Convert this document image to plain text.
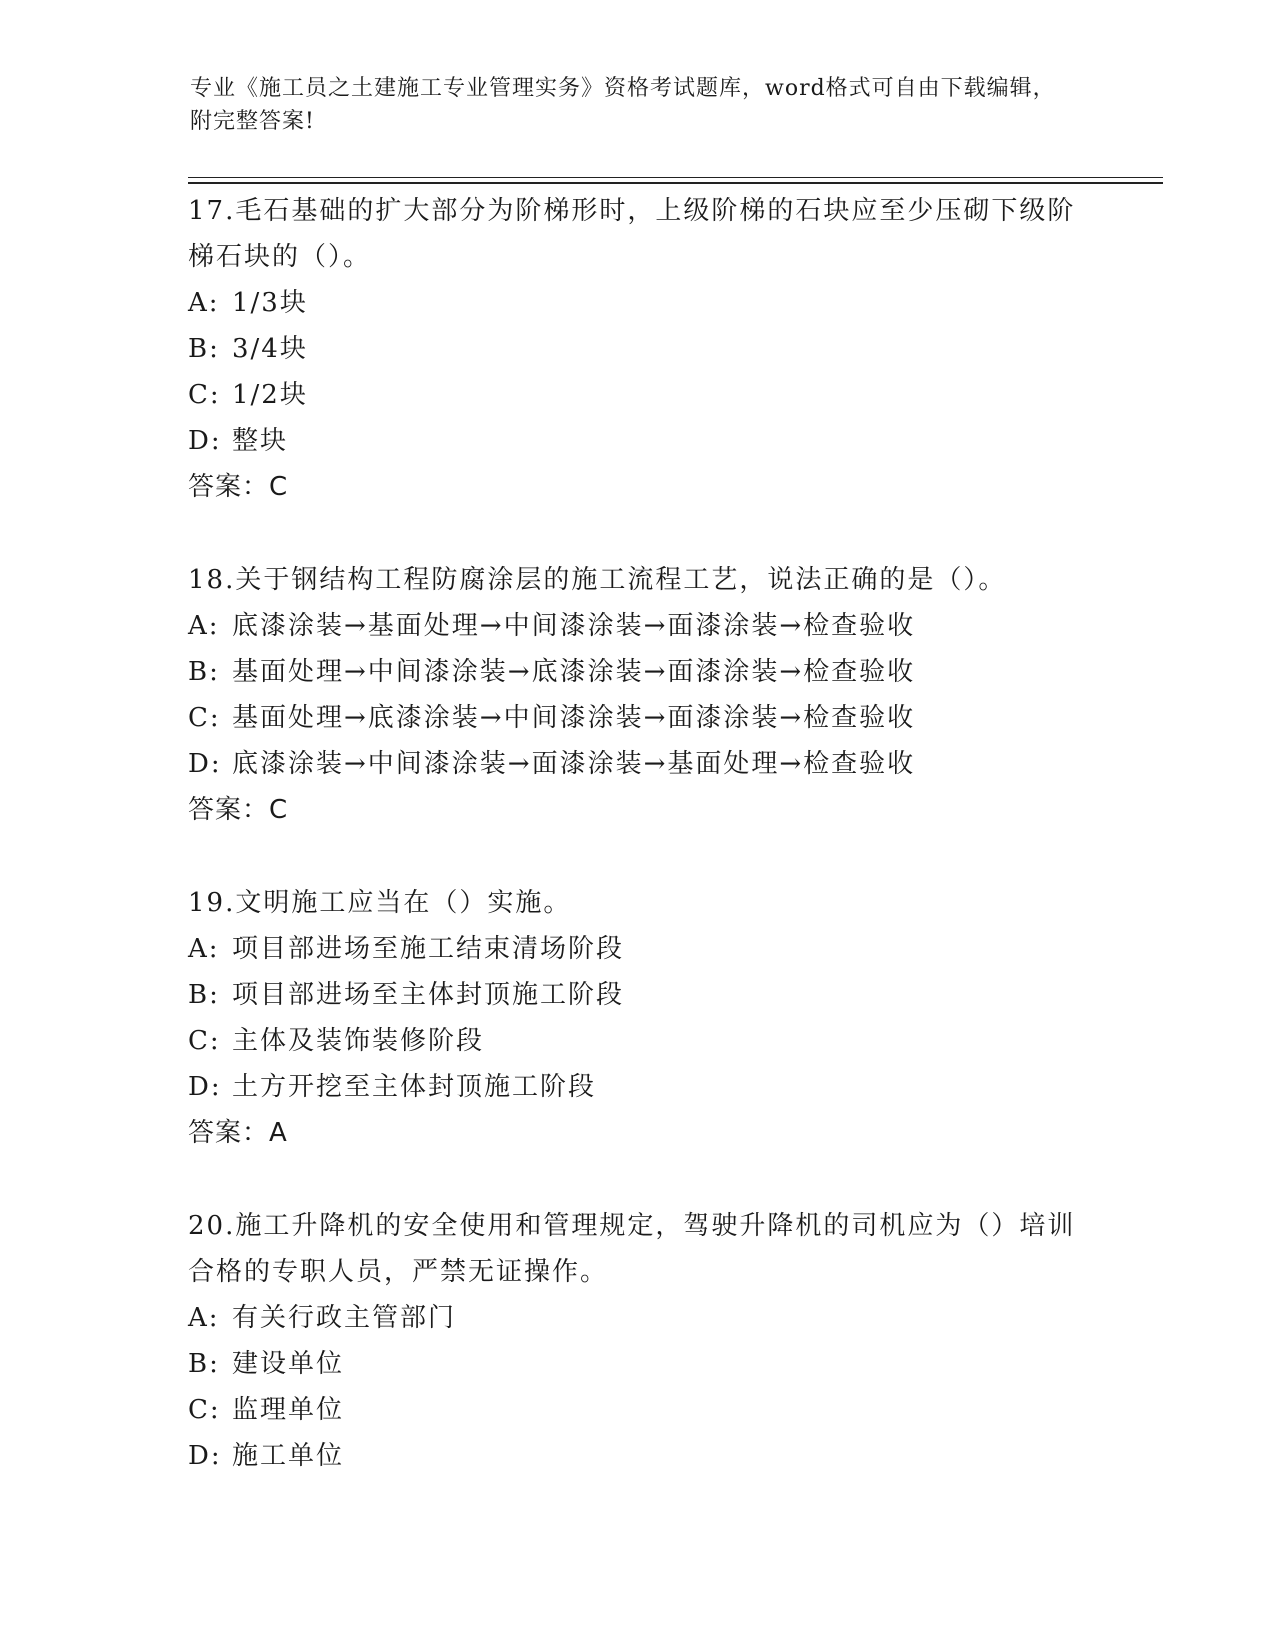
专业《施工员之土建施工专业管理实务》资格考试题库，word格式可自由下载编辑，附完整答案!
17.毛石基础的扩大部分为阶梯形时，上级阶梯的石块应至少压砌下级阶梯石块的（）。
A: 1/3块
B: 3/4块
C: 1/2块
D: 整块
答案：C
18.关于钢结构工程防腐涂层的施工流程工艺，说法正确的是（）。
A: 底漆涂装→基面处理→中间漆涂装→面漆涂装→检查验收
B: 基面处理→中间漆涂装→底漆涂装→面漆涂装→检查验收
C: 基面处理→底漆涂装→中间漆涂装→面漆涂装→检查验收
D: 底漆涂装→中间漆涂装→面漆涂装→基面处理→检查验收
答案：C
19.文明施工应当在（）实施。
A: 项目部进场至施工结束清场阶段
B: 项目部进场至主体封顶施工阶段
C: 主体及装饰装修阶段
D: 土方开挖至主体封顶施工阶段
答案：A
20.施工升降机的安全使用和管理规定，驾驶升降机的司机应为（）培训合格的专职人员，严禁无证操作。
A: 有关行政主管部门
B: 建设单位
C: 监理单位
D: 施工单位
